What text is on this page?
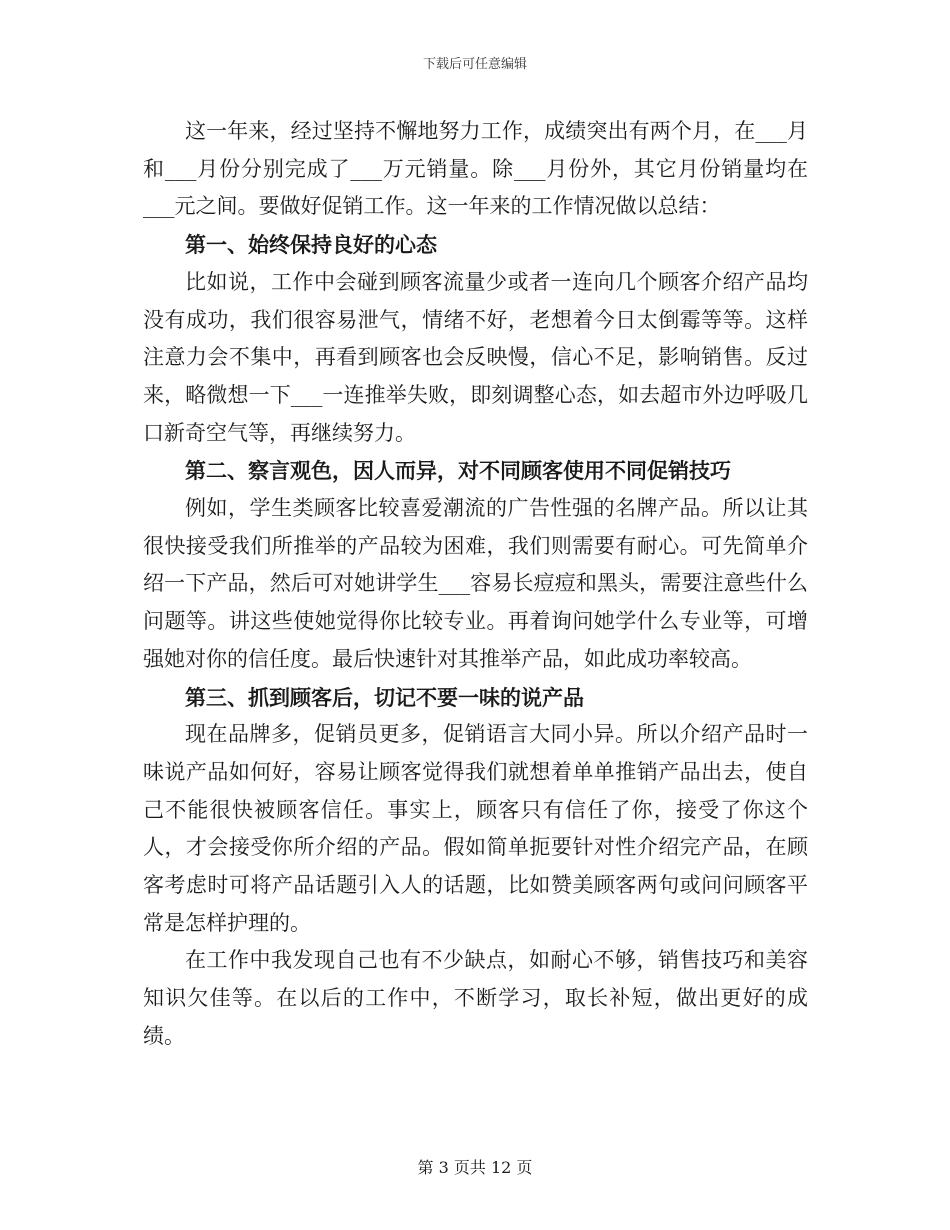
下载后可任意编辑

这一年来，经过坚持不懈地努力工作，成绩突出有两个月，在___月和___月份分别完成了___万元销量。除___月份外，其它月份销量均在___元之间。要做好促销工作。这一年来的工作情况做以总结：

第一、始终保持良好的心态

比如说，工作中会碰到顾客流量少或者一连向几个顾客介绍产品均没有成功，我们很容易泄气，情绪不好，老想着今日太倒霉等等。这样注意力会不集中，再看到顾客也会反映慢，信心不足，影响销售。反过来，略微想一下___一连推举失败，即刻调整心态，如去超市外边呼吸几口新奇空气等，再继续努力。

第二、察言观色，因人而异，对不同顾客使用不同促销技巧

例如，学生类顾客比较喜爱潮流的广告性强的名牌产品。所以让其很快接受我们所推举的产品较为困难，我们则需要有耐心。可先简单介绍一下产品，然后可对她讲学生___容易长痘痘和黑头，需要注意些什么问题等。讲这些使她觉得你比较专业。再着询问她学什么专业等，可增强她对你的信任度。最后快速针对其推举产品，如此成功率较高。

第三、抓到顾客后，切记不要一味的说产品

现在品牌多，促销员更多，促销语言大同小异。所以介绍产品时一味说产品如何好，容易让顾客觉得我们就想着单单推销产品出去，使自己不能很快被顾客信任。事实上，顾客只有信任了你，接受了你这个人，才会接受你所介绍的产品。假如简单扼要针对性介绍完产品，在顾客考虑时可将产品话题引入人的话题，比如赞美顾客两句或问问顾客平常是怎样护理的。

在工作中我发现自己也有不少缺点，如耐心不够，销售技巧和美容知识欠佳等。在以后的工作中，不断学习，取长补短，做出更好的成绩。

第 3 页共 12 页
